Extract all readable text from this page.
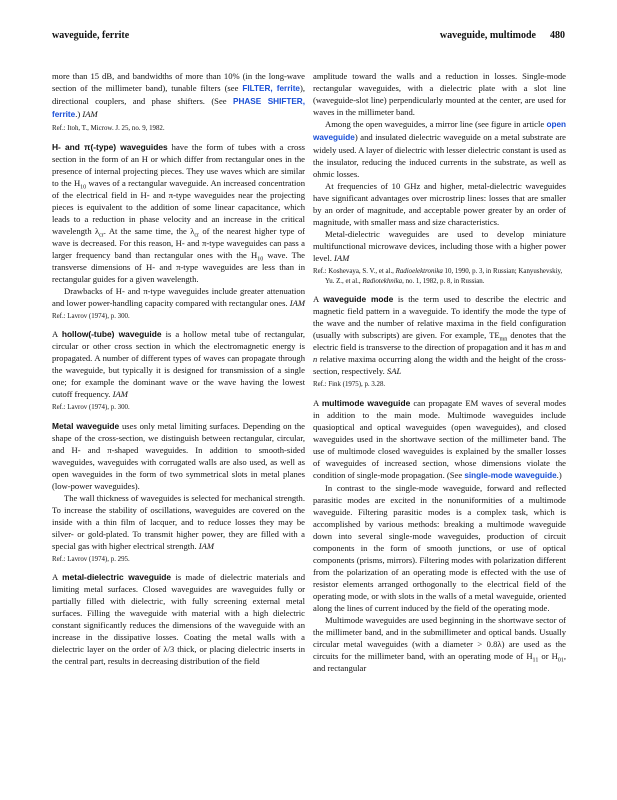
waveguide, ferrite	waveguide, multimode 480

more than 15 dB, and bandwidths of more than 10% (in the long-wave section of the millimeter band), tunable filters (see FILTER, ferrite), directional couplers, and phase shifters. (See PHASE SHIFTER, ferrite.) IAM

Ref.: Itoh, T., Microw. J. 25, no. 9, 1982.

H- and π(-type) waveguides have the form of tubes with a cross section in the form of an H or which differ from rectangular ones in the presence of internal projecting pieces. They use waves which are similar to the $H_{10}$ waves of a rectangular waveguide. An increased concentration of the electrical field in H- and π-type waveguides near the projecting pieces is equivalent to the addition of some linear capacitance, which leads to a reduction in phase velocity and an increase in the critical wavelength $\lambda_{cr}$. At the same time, the $\lambda_{cr}$ of the nearest higher type of wave is decreased. For this reason, H- and π-type waveguides can pass a larger frequency band than rectangular ones with the $H_{10}$ wave. The transverse dimensions of H- and π-type waveguides are less than in rectangular guides for a given wavelength.

Drawbacks of H- and π-type waveguides include greater attenuation and lower power-handling capacity compared with rectangular ones. IAM

Ref.: Lavrov (1974), p. 300.

A hollow(-tube) waveguide is a hollow metal tube of rectangular, circular or other cross section in which the electromagnetic energy is propagated. A number of different types of waves can propagate through the waveguide, but typically it is designed for transmission of a single one; for example the dominant wave or the wave having the lowest cutoff frequency. IAM

Ref.: Lavrov (1974), p. 300.

Metal waveguide uses only metal limiting surfaces. Depending on the shape of the cross-section, we distinguish between rectangular, circular, and H- and π-shaped waveguides. In addition to smooth-sided waveguides, waveguides with corrugated walls are also used, as well as open waveguides in the form of two symmetrical slots in metal planes (low-power waveguides).

The wall thickness of waveguides is selected for mechanical strength. To increase the stability of oscillations, waveguides are covered on the inside with a thin film of lacquer, and to reduce losses they may be silver- or gold-plated. To transmit higher power, they are filled with a special gas with higher electrical strength. IAM

Ref.: Lavrov (1974), p. 295.

A metal-dielectric waveguide is made of dielectric materials and limiting metal surfaces. Closed waveguides are waveguides fully or partially filled with dielectric, with fully screening external metal surfaces. Filling the waveguide with material with a high dielectric constant significantly reduces the dimensions of the waveguide with an increase in the dissipative losses. Coating the metal walls with a dielectric layer on the order of λ/3 thick, or placing dielectric inserts in the central part, results in decreasing distribution of the field

amplitude toward the walls and a reduction in losses. Single-mode rectangular waveguides, with a dielectric plate with a slot line (waveguide-slot line) perpendicularly mounted at the center, are used for waves in the millimeter band.

Among the open waveguides, a mirror line (see figure in article open waveguide) and insulated dielectric waveguide on a metal substrate are widely used. A layer of dielectric with lesser dielectric constant is used as the insulator, reducing the induced currents in the substrate, as well as ohmic losses.

At frequencies of 10 GHz and higher, metal-dielectric waveguides have significant advantages over microstrip lines: losses that are smaller by an order of magnitude, and acceptable power greater by an order of magnitude, with smaller mass and size characteristics.

Metal-dielectric waveguides are used to develop miniature multifunctional microwave devices, including those with a higher power level. IAM

Ref.: Koshevaya, S. V., et al., Radioelektronika 10, 1990, p. 3, in Russian; Kanyushevskiy, Yu. Z., et al., Radiotekhnika, no. 1, 1982, p. 8, in Russian.

A waveguide mode is the term used to describe the electric and magnetic field pattern in a waveguide. To identify the mode the type of the wave and the number of relative maxima in the field configuration (usually with subscripts) are given. For example, $TE_{mn}$ denotes that the electric field is transverse to the direction of propagation and it has m and n relative maxima occurring along the width and the height of the cross-section, respectively. SAL

Ref.: Fink (1975), p. 3.28.

A multimode waveguide can propagate EM waves of several modes in addition to the main mode. Multimode waveguides include quasioptical and optical waveguides (open waveguides), and closed waveguides used in the shortwave section of the millimeter band. The use of multimode closed waveguides is explained by the smaller losses of waveguides of increased section, whose dimensions violate the condition of single-mode propagation. (See single-mode waveguide.)

In contrast to the single-mode waveguide, forward and reflected parasitic modes are excited in the nonuniformities of a multimode waveguide. Filtering parasitic modes is a complex task, which is accomplished by various methods: breaking a multimode waveguide down into several single-mode waveguides, production of circuit components in the form of smooth junctions, or use of optical components (prisms, mirrors). Filtering modes with polarization different from the polarization of an operating mode is effected with the use of resistor elements arranged orthogonally to the electrical field of the operating mode, or with slots in the walls of a metal waveguide, oriented along the lines of current induced by the field of the operating mode.

Multimode waveguides are used beginning in the shortwave sector of the millimeter band, and in the submillimeter and optical bands. Usually circular metal waveguides (with a diameter > 0.8λ) are used as the circuits for the millimeter band, with an operating mode of $H_{11}$ or $H_{01}$, and rectangular
